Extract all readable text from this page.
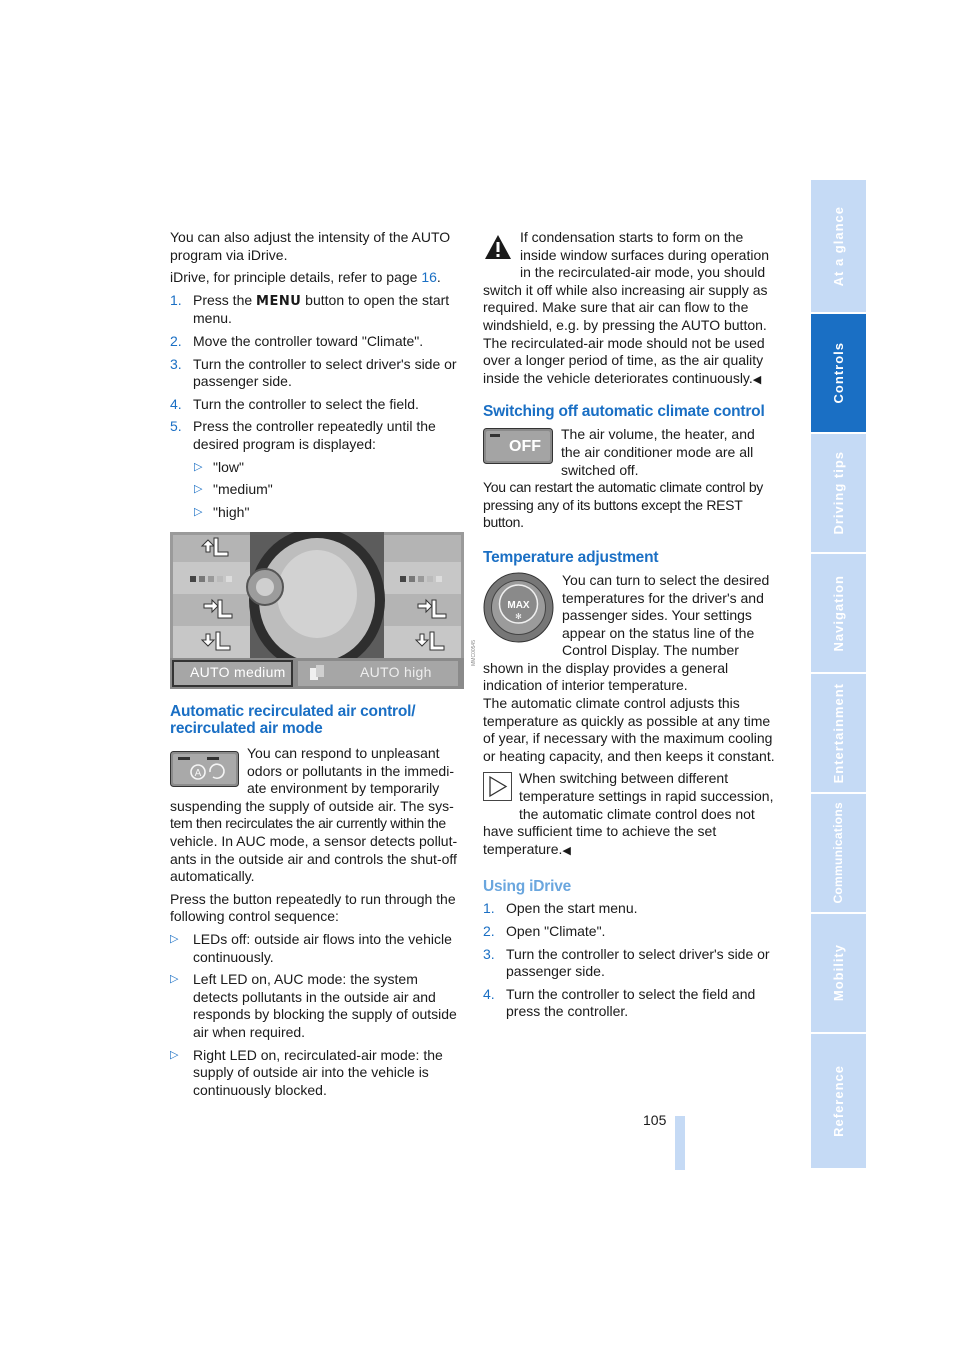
You can also adjust the intensity of the AUTO program via iDrive.

iDrive, for principle details, refer to page 16.

1. Press the MENU button to open the start menu.
2. Move the controller toward "Climate".
3. Turn the controller to select driver's side or passenger side.
4. Turn the controller to select the field.
5. Press the controller repeatedly until the desired program is displayed:
▷ "low"
▷ "medium"
▷ "high"
AUTO medium	AUTO high
MMC00545
Automatic recirculated air control/ recirculated air mode
A

You can respond to unpleasant
odors or pollutants in the immedi-
ate environment by temporarily
suspending the supply of outside air. The sys-
tem then recirculates the air currently within the
vehicle. In AUC mode, a sensor detects pollut-
ants in the outside air and controls the shut-off
automatically.

Press the button repeatedly to run through the following control sequence:

▷ LEDs off: outside air flows into the vehicle continuously.
▷ Left LED on, AUC mode: the system detects pollutants in the outside air and responds by blocking the supply of outside air when required.
▷ Right LED on, recirculated-air mode: the supply of outside air into the vehicle is continuously blocked.

If condensation starts to form on the inside window surfaces during operation in the recirculated-air mode, you should switch it off while also increasing air supply as required. Make sure that air can flow to the windshield, e.g. by pressing the AUTO button. The recirculated-air mode should not be used over a longer period of time, as the air quality inside the vehicle deteriorates continuously.◀

Switching off automatic climate control

The air volume, the heater, and the air conditioner mode are all switched off.

You can restart the automatic climate control by pressing any of its buttons except the REST button.

Temperature adjustment
MAX
✻

You can turn to select the desired temperatures for the driver's and passenger sides. Your settings appear on the status line of the Control Display. The number shown in the display provides a general indication of interior temperature.

The automatic climate control adjusts this temperature as quickly as possible at any time of year, if necessary with the maximum cooling or heating capacity, and then keeps it constant.

When switching between different temperature settings in rapid succession, the automatic climate control does not have sufficient time to achieve the set temperature.◀

Using iDrive
1. Open the start menu.
2. Open "Climate".
3. Turn the controller to select driver's side or passenger side.
4. Turn the controller to select the field and press the controller.
At a glance
Controls
Driving tips
Navigation
Entertainment
Communications
Mobility
Reference
105
